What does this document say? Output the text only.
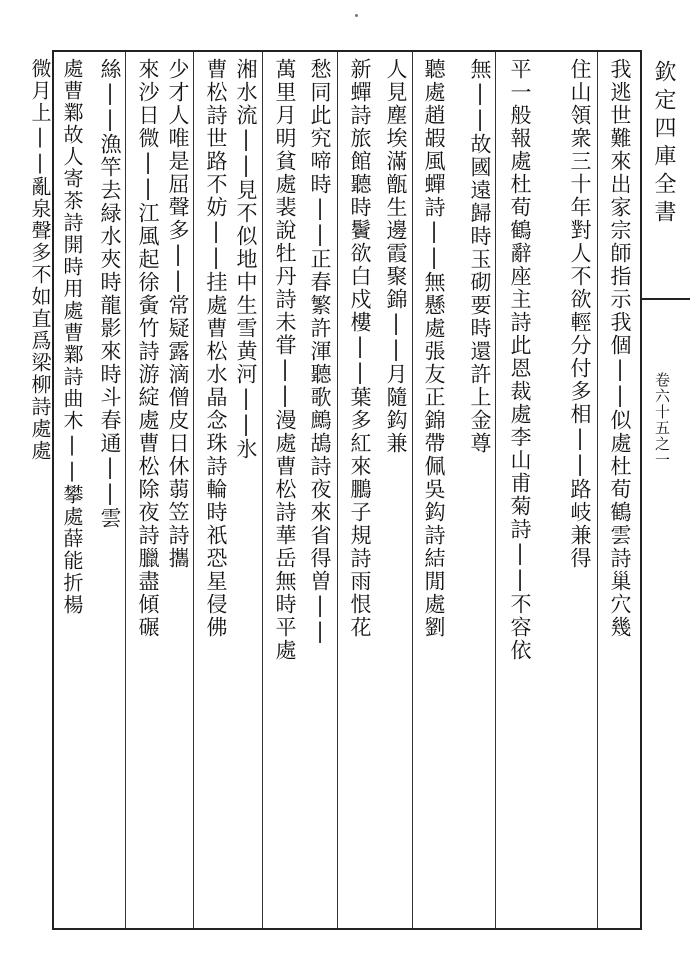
欽定四庫全書
卷六十五之一
我逃世難來出家宗師指示我個||似處杜荀鶴雲詩巢穴幾
住山領衆三十年對人不欲輕分付多相||路岐兼得
平一般報處杜荀鶴辭座主詩此恩裁處李山甫菊詩||不容依
無||故國遠歸時玉砌要時還許上金尊
聽處趙嘏風蟬詩||無懸處張友正錦帶佩吳鈎詩結閒處劉
人見塵埃滿甑生邊霞聚錦||月隨鈎兼
新蟬詩旅館聽時鬢欲白戍樓||葉多紅來鵬子規詩雨恨花
愁同此究啼時||正春繁許渾聽歌鷓鴣詩夜來省得曽||
萬里月明貧處裴說牡丹詩未甞||漫處曹松詩華岳無時平處
湘水流||見不似地中生雪黄河||氷
曹松詩世路不妨||挂處曹松水晶念珠詩輪時祇恐星侵佛
少才人唯是屈聲多||常疑露滴僧皮日休蒻笠詩攜
來沙日微||江風起徐夤竹詩游綻處曹松除夜詩臘盡傾碾
絲||漁竿去緑水夾時龍影來時斗春通||雲
處曹鄴故人寄茶詩開時用處曹鄴詩曲木||攀處薛能折楊
微月上||亂泉聲多不如直爲梁柳詩處處
